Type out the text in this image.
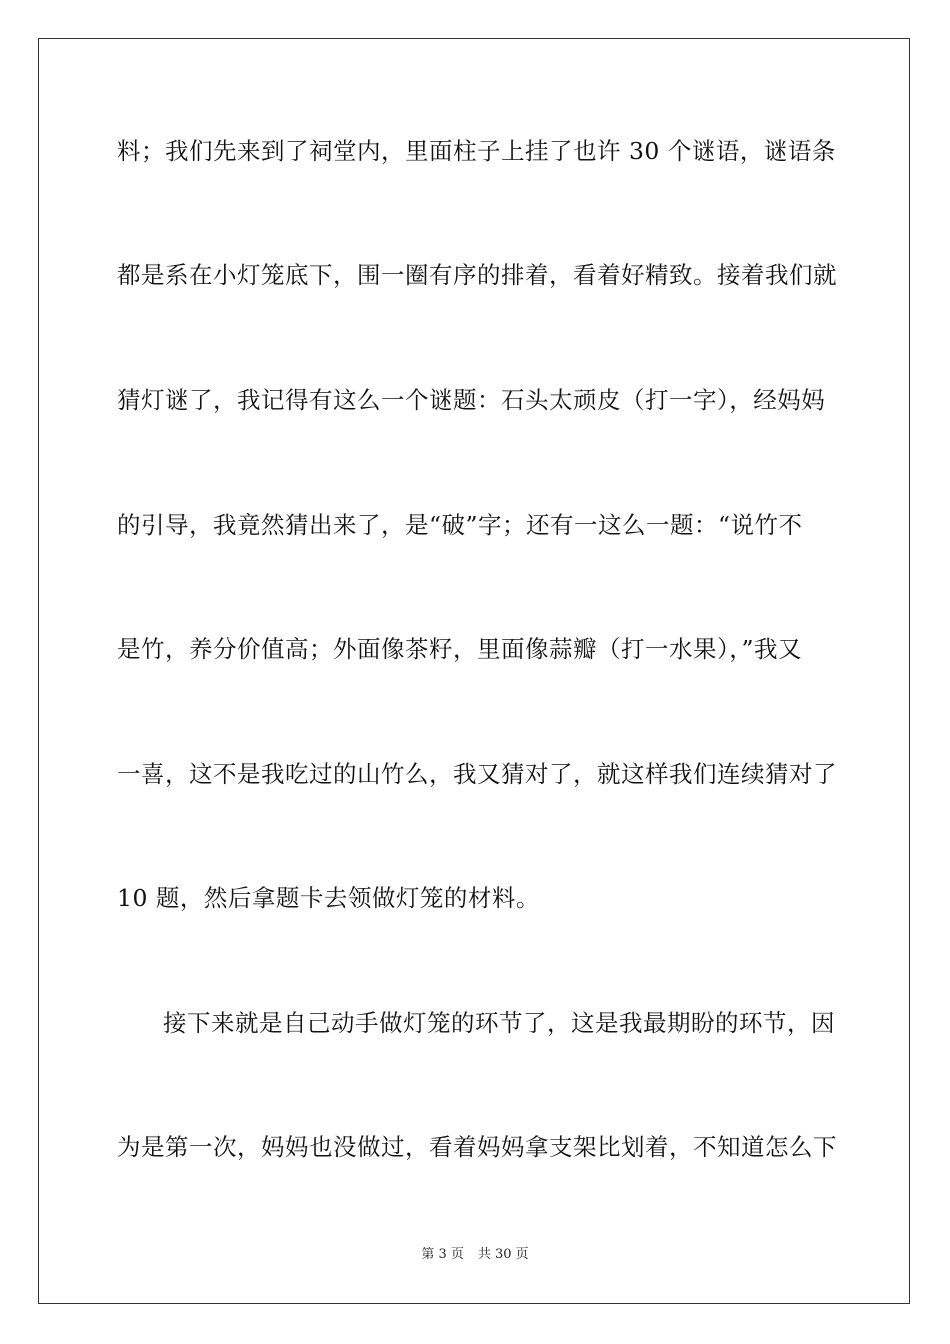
料；我们先来到了祠堂内，里面柱子上挂了也许 30 个谜语，谜语条
都是系在小灯笼底下，围一圈有序的排着，看着好精致。接着我们就
猜灯谜了，我记得有这么一个谜题：石头太顽皮（打一字），经妈妈
的引导，我竟然猜出来了，是“破”字；还有一这么一题：“说竹不
是竹，养分价值高；外面像茶籽，里面像蒜瓣（打一水果），”我又
一喜，这不是我吃过的山竹么，我又猜对了，就这样我们连续猜对了
10 题，然后拿题卡去领做灯笼的材料。
接下来就是自己动手做灯笼的环节了，这是我最期盼的环节，因
为是第一次，妈妈也没做过，看着妈妈拿支架比划着，不知道怎么下
第 3 页 共 30 页
